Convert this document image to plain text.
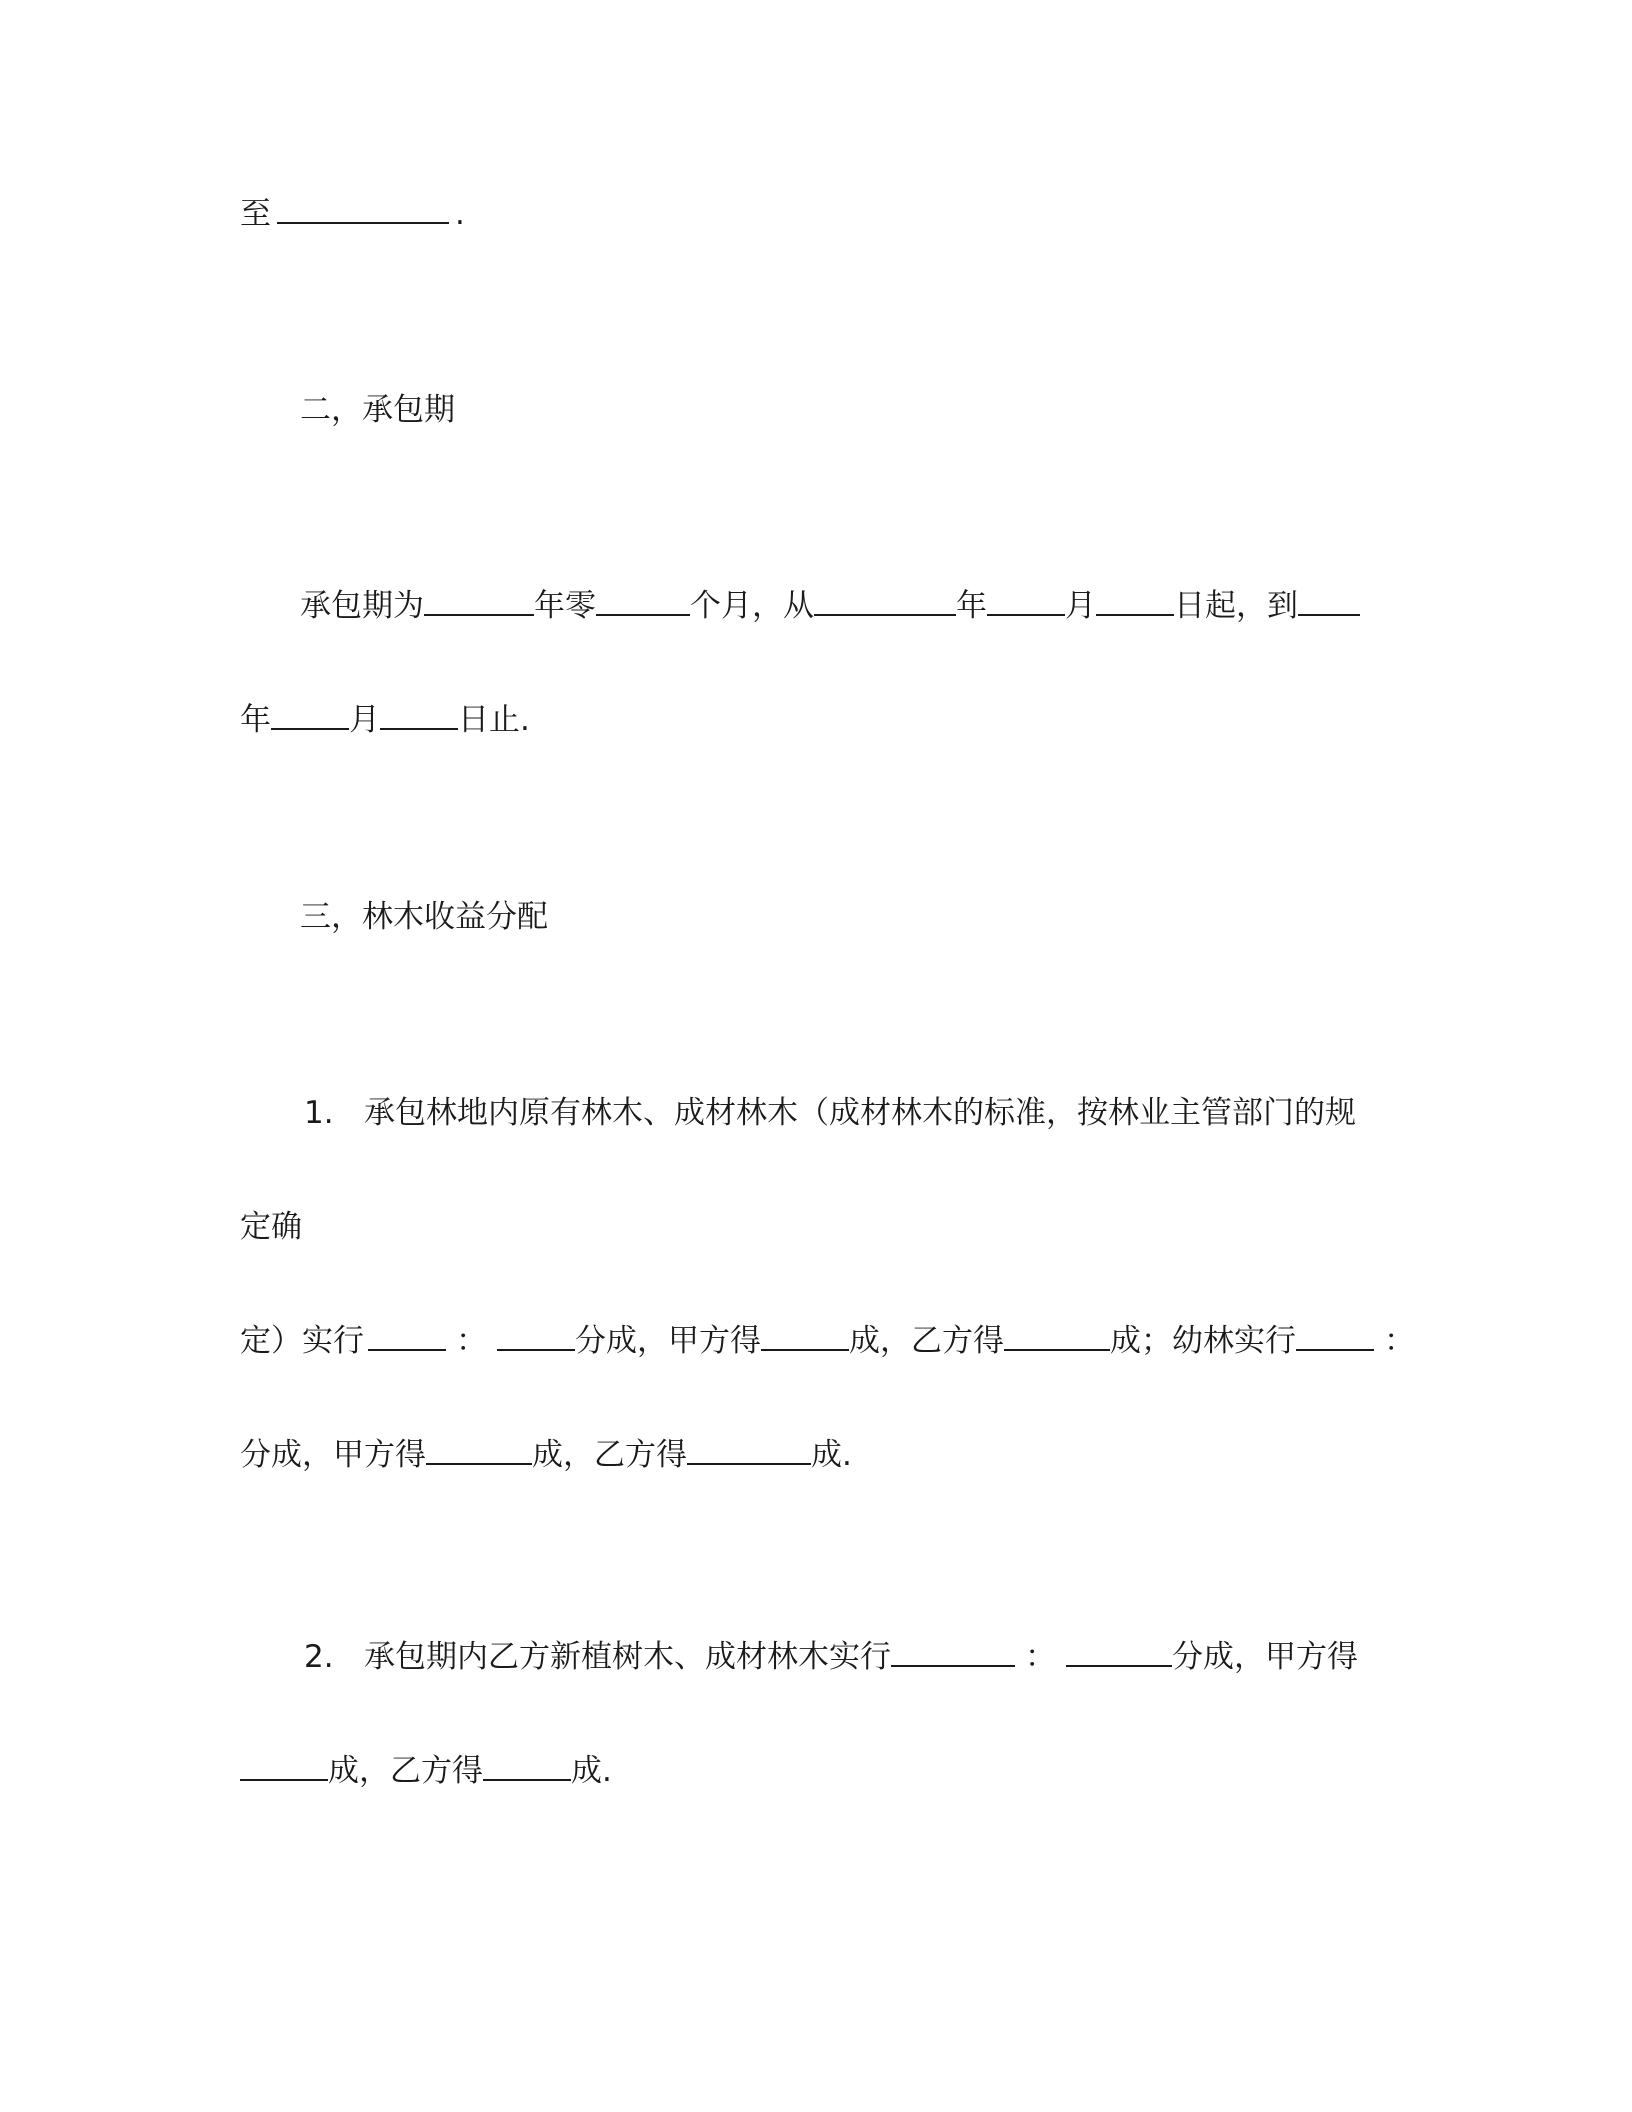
至	.
二，承包期
承包期为	年零	个月，从	年	月	日起，到
年	月	日止.
三，林木收益分配
1. 承包林地内原有林木、成材林木（成材林木的标准，按林业主管部门的规
定确
定）实行	：	分成，甲方得	成，乙方得	成；幼林实行	：
分成，甲方得	成，乙方得	成.
2. 承包期内乙方新植树木、成材林木实行	：	分成，甲方得
成，乙方得	成.
